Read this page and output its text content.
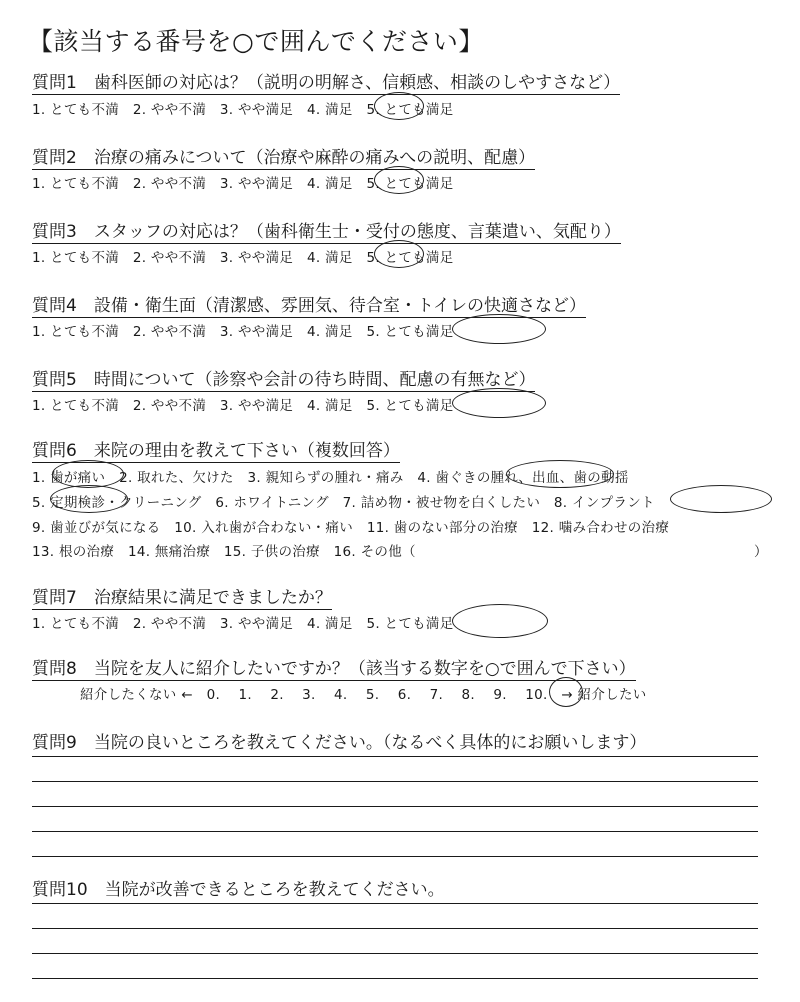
【該当する番号を○で囲んでください】
質問1　歯科医師の対応は？（説明の明解さ、信頼感、相談のしやすさなど）
1. とても不満 2. やや不満 3. やや満足 4. 満足 5. とても満足
質問2　治療の痛みについて（治療や麻酔の痛みへの説明、配慮）
1. とても不満 2. やや不満 3. やや満足 4. 満足 5. とても満足
質問3　スタッフの対応は？（歯科衛生士・受付の態度、言葉遣い、気配り）
1. とても不満 2. やや不満 3. やや満足 4. 満足 5. とても満足
質問4　設備・衛生面（清潔感、雰囲気、待合室・トイレの快適さなど）
1. とても不満 2. やや不満 3. やや満足 4. 満足 5. とても満足
質問5　時間について（診察や会計の待ち時間、配慮の有無など）
1. とても不満 2. やや不満 3. やや満足 4. 満足 5. とても満足
質問6　来院の理由を教えて下さい（複数回答）
1. 歯が痛い 2. 取れた、欠けた 3. 親知らずの腫れ・痛み 4. 歯ぐきの腫れ、出血、歯の動揺
5. 定期検診・クリーニング 6. ホワイトニング 7. 詰め物・被せ物を白くしたい 8. インプラント
9. 歯並びが気になる 10. 入れ歯が合わない・痛い 11. 歯のない部分の治療 12. 噛み合わせの治療
13. 根の治療 14. 無痛治療 15. 子供の治療 16. その他（	）
質問7　治療結果に満足できましたか？
1. とても不満 2. やや不満 3. やや満足 4. 満足 5. とても満足
質問8　当院を友人に紹介したいですか？（該当する数字を○で囲んで下さい）
紹介したくない ← 0. 1. 2. 3. 4. 5. 6. 7. 8. 9. 10. → 紹介したい
質問9　当院の良いところを教えてください。（なるべく具体的にお願いします）
質問10　当院が改善できるところを教えてください。
